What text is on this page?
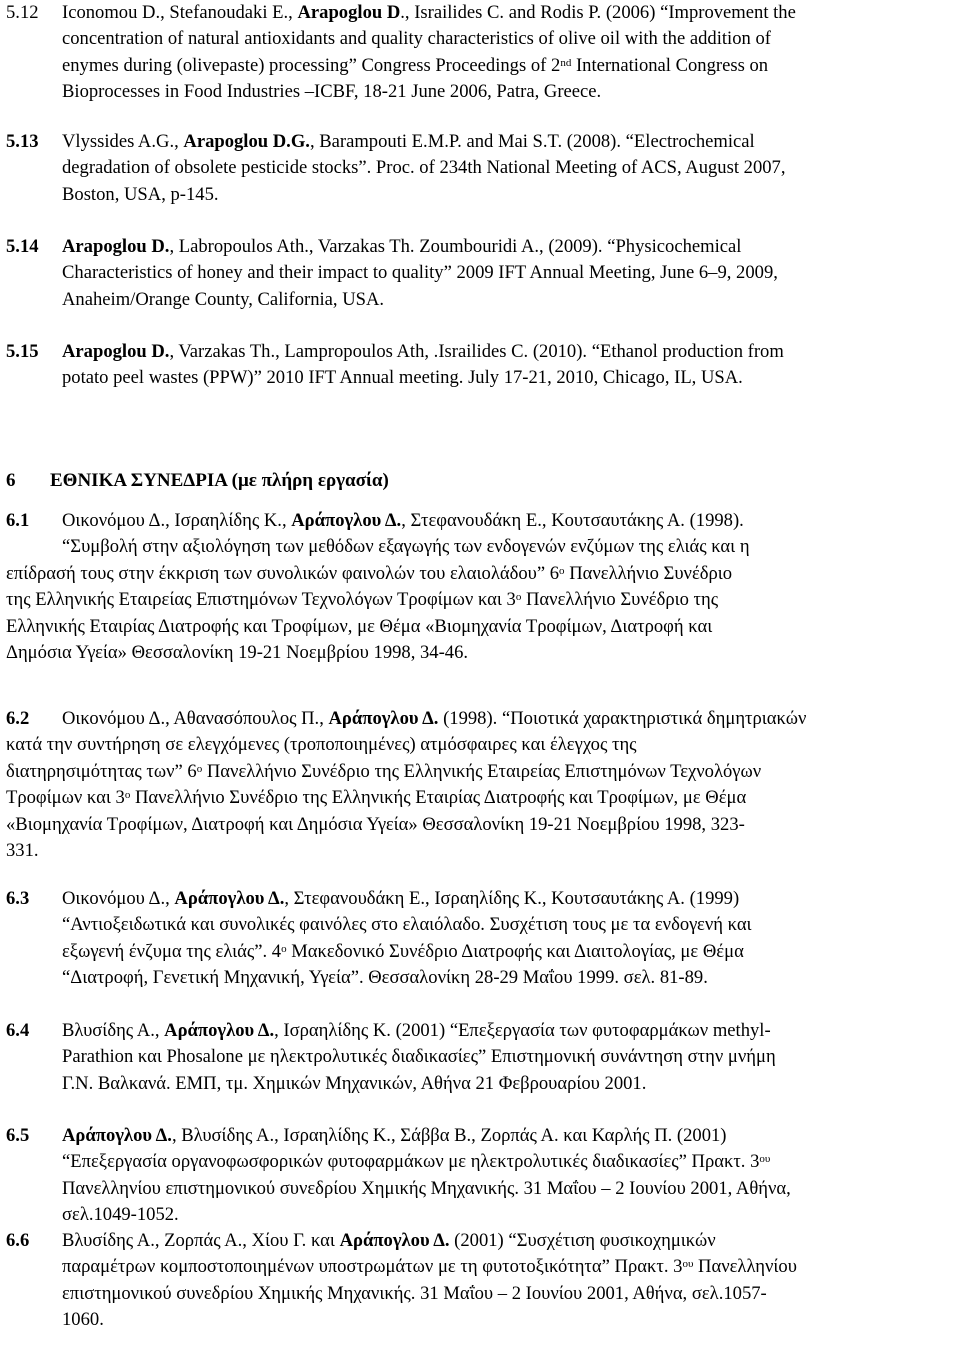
5.12 Iconomou D., Stefanoudaki E., Arapoglou D., Israilides C. and Rodis P. (2006) “Improvement the
concentration of natural antioxidants and quality characteristics of olive oil with the addition of
enymes during (olivepaste) processing” Congress Proceedings of 2nd International Congress on
Bioprocesses in Food Industries –ICBF, 18-21 June 2006, Patra, Greece.
5.13 Vlyssides A.G., Arapoglou D.G., Barampouti E.M.P. and Mai S.T. (2008). “Electrochemical
degradation of obsolete pesticide stocks”. Proc. of 234th National Meeting of ACS, August 2007,
Boston, USA, p-145.
5.14 Arapoglou D., Labropoulos Ath., Varzakas Th. Zoumbouridi A., (2009). “Physicochemical
Characteristics of honey and their impact to quality” 2009 IFT Annual Meeting, June 6–9, 2009,
Anaheim/Orange County, California, USA.
5.15 Arapoglou D., Varzakas Th., Lampropoulos Ath, .Israilides C. (2010). “Ethanol production from
potato peel wastes (PPW)” 2010 IFT Annual meeting. July 17-21, 2010, Chicago, IL, USA.
6 ΕΘΝΙΚΑ ΣΥΝΕΔΡΙΑ (με πλήρη εργασία)
6.1 Οικονόμου Δ., Ισραηλίδης Κ., Αράπογλου Δ., Στεφανουδάκη Ε., Κουτσαυτάκης Α. (1998).
“Συμβολή στην αξιολόγηση των μεθόδων εξαγωγής των ενδογενών ενζύμων της ελιάς και η
επίδρασή τους στην έκκριση των συνολικών φαινολών του ελαιολάδου” $6^o$ Πανελλήνιο Συνέδριο
της Ελληνικής Εταιρείας Επιστημόνων Τεχνολόγων Τροφίμων και $3^o$ Πανελλήνιο Συνέδριο της
Ελληνικής Εταιρίας Διατροφής και Τροφίμων, με Θέμα «Βιομηχανία Τροφίμων, Διατροφή και
Δημόσια Υγεία» Θεσσαλονίκη 19-21 Νοεμβρίου 1998, 34-46.
6.2 Οικονόμου Δ., Αθανασόπουλος Π., Αράπογλου Δ. (1998). “Ποιοτικά χαρακτηριστικά δημητριακών
κατά την συντήρηση σε ελεγχόμενες (τροποποιημένες) ατμόσφαιρες και έλεγχος της
διατηρησιμότητας των” $6^o$ Πανελλήνιο Συνέδριο της Ελληνικής Εταιρείας Επιστημόνων Τεχνολόγων
Τροφίμων και $3^o$ Πανελλήνιο Συνέδριο της Ελληνικής Εταιρίας Διατροφής και Τροφίμων, με Θέμα
«Βιομηχανία Τροφίμων, Διατροφή και Δημόσια Υγεία» Θεσσαλονίκη 19-21 Νοεμβρίου 1998, 323-
331.
6.3 Οικονόμου Δ., Αράπογλου Δ., Στεφανουδάκη Ε., Ισραηλίδης Κ., Κουτσαυτάκης Α. (1999)
“Αντιοξειδωτικά και συνολικές φαινόλες στο ελαιόλαδο. Συσχέτιση τους με τα ενδογενή και
εξωγενή ένζυμα της ελιάς”. $4^o$ Μακεδονικό Συνέδριο Διατροφής και Διαιτολογίας, με Θέμα
“Διατροφή, Γενετική Μηχανική, Υγεία”. Θεσσαλονίκη 28-29 Μαΐου 1999. σελ. 81-89.
6.4 Βλυσίδης Α., Αράπογλου Δ., Ισραηλίδης Κ. (2001) “Επεξεργασία των φυτοφαρμάκων methyl-
Parathion και Phosalone με ηλεκτρολυτικές διαδικασίες” Επιστημονική συνάντηση στην μνήμη
Γ.Ν. Βαλκανά. ΕΜΠ, τμ. Χημικών Μηχανικών, Αθήνα 21 Φεβρουαρίου 2001.
6.5 Αράπογλου Δ., Βλυσίδης Α., Ισραηλίδης Κ., Σάββα Β., Ζορπάς Α. και Καρλής Π. (2001)
“Επεξεργασία οργανοφωσφορικών φυτοφαρμάκων με ηλεκτρολυτικές διαδικασίες” Πρακτ. $3^{o\upsilon}$
Πανελληνίου επιστημονικού συνεδρίου Χημικής Μηχανικής. 31 Μαΐου – 2 Ιουνίου 2001, Αθήνα,
σελ.1049-1052.
6.6 Βλυσίδης Α., Ζορπάς Α., Χίου Γ. και Αράπογλου Δ. (2001) “Συσχέτιση φυσικοχημικών
παραμέτρων κομποστοποιημένων υποστρωμάτων με τη φυτοτοξικότητα” Πρακτ. $3^{o\upsilon}$ Πανελληνίου
επιστημονικού συνεδρίου Χημικής Μηχανικής. 31 Μαΐου – 2 Ιουνίου 2001, Αθήνα, σελ.1057-
1060.
